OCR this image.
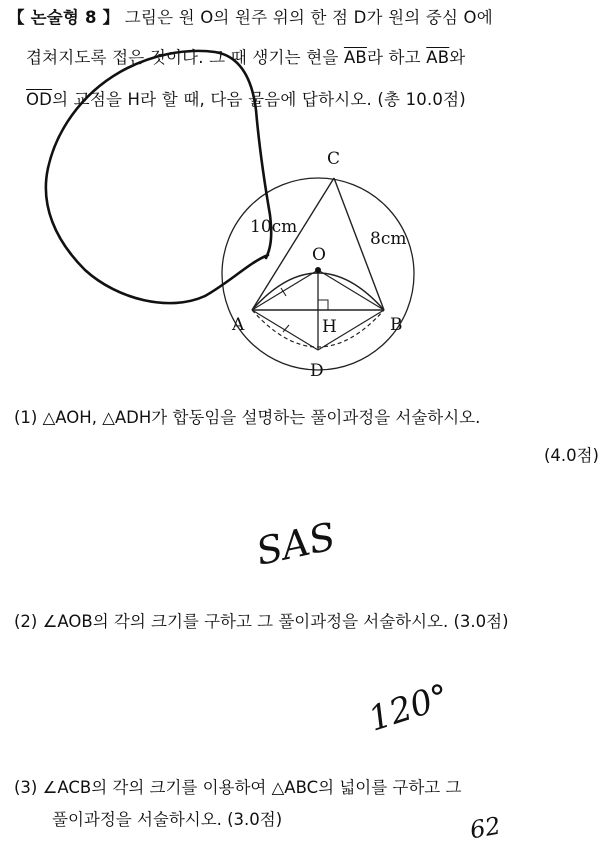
【 논술형 8 】 그림은 원 O의 원주 위의 한 점 D가 원의 중심 O에
겹쳐지도록 접은 것이다. 그 때 생기는 현을 $\overline{AB}$라 하고 $\overline{AB}$와
$\overline{OD}$의 교점을 H라 할 때, 다음 물음에 답하시오. (총 10.0점)
C
O
A	H	B
D
10cm
8cm
(1) △AOH, △ADH가 합동임을 설명하는 풀이과정을 서술하시오.
(4.0점)
SAS
(2) ∠AOB의 각의 크기를 구하고 그 풀이과정을 서술하시오. (3.0점)
120°
(3) ∠ACB의 각의 크기를 이용하여 △ABC의 넓이를 구하고 그
풀이과정을 서술하시오. (3.0점)	62
